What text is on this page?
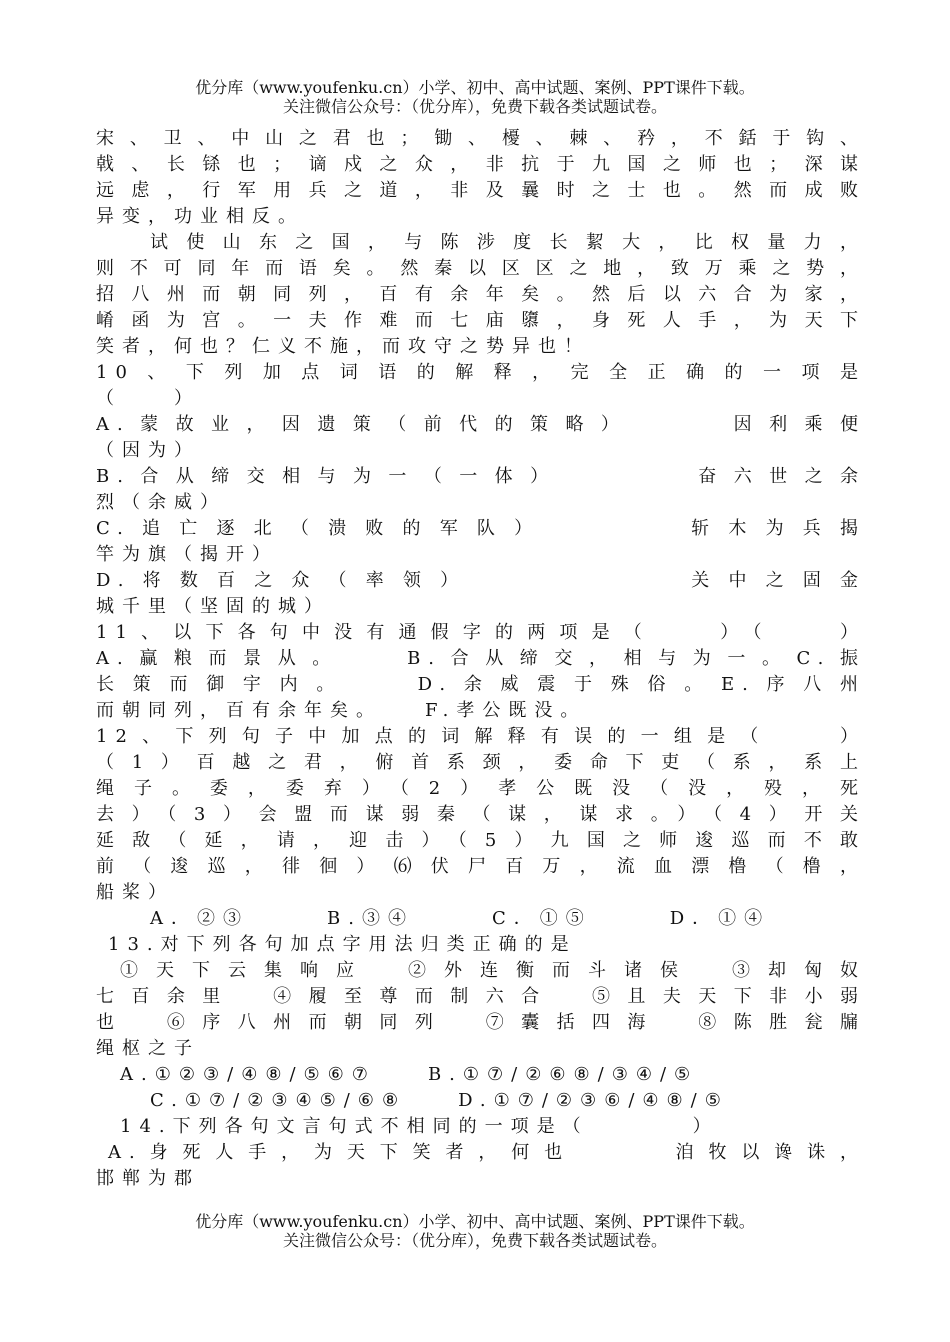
优分库（www.youfenku.cn）小学、初中、高中试题、案例、PPT课件下载。
关注微信公众号：（优分库），免费下载各类试题试卷。
宋、卫、中山之君也；锄、櫌、棘、矜，不銛于钩、
戟、长铩也；谪戍之众，非抗于九国之师也；深谋
远虑，行军用兵之道，非及曩时之士也。然而成败
异变，功业相反。
试使山东之国，与陈涉度长絜大，比权量力，
则不可同年而语矣。然秦以区区之地，致万乘之势，
招八州而朝同列，百有余年矣。然后以六合为家，
崤函为宫。一夫作难而七庙隳，身死人手，为天下
笑者，何也？仁义不施，而攻守之势异也！
10、下列加点词语的解释，完全正确的一项是
（　　）
A.蒙故业，因遗策（前代的策略）　　　因利乘便
（因为）
B.合从缔交相与为一（一体）　　　　奋六世之余
烈（余威）
C.追亡逐北（溃败的军队）　　　　斩木为兵揭
竿为旗（揭开）
D.将数百之众（率领）　　　　　　关中之固金
城千里（坚固的城）
11、以下各句中没有通假字的两项是（　　）（　　）
A.赢粮而景从。　　B.合从缔交，相与为一。C.振
长策而御宇内。　　D.余威震于殊俗。E.序八州
而朝同列，百有余年矣。　　F.孝公既没。
12、下列句子中加点的词解释有误的一组是（　　）
（1）百越之君，俯首系颈，委命下吏（系，系上
绳子。委，委弃）（2）孝公既没（没，殁，死
去）（3）会盟而谋弱秦（谋，谋求。）（4）开关
延敌（延，请，迎击）（5）九国之师逡巡而不敢
前（逡巡，徘徊）⑹伏尸百万，流血漂橹（橹，
船桨）
A．②③　　　B.③④　　　C．①⑤　　　D．①④
13.对下列各句加点字用法归类正确的是
①天下云集响应　②外连衡而斗诸侯　③却匈奴
七百余里　④履至尊而制六合　⑤且夫天下非小弱
也　⑥序八州而朝同列　⑦囊括四海　⑧陈胜瓮牖
绳枢之子
A.①②③/④⑧/⑤⑥⑦　　B.①⑦/②⑥⑧/③④/⑤
C.①⑦/②③④⑤/⑥⑧　　D.①⑦/②③⑥/④⑧/⑤
14.下列各句文言句式不相同的一项是（　　　　）
A.身死人手，为天下笑者，何也　　　洎牧以谗诛，
邯郸为郡
优分库（www.youfenku.cn）小学、初中、高中试题、案例、PPT课件下载。
关注微信公众号：（优分库），免费下载各类试题试卷。
